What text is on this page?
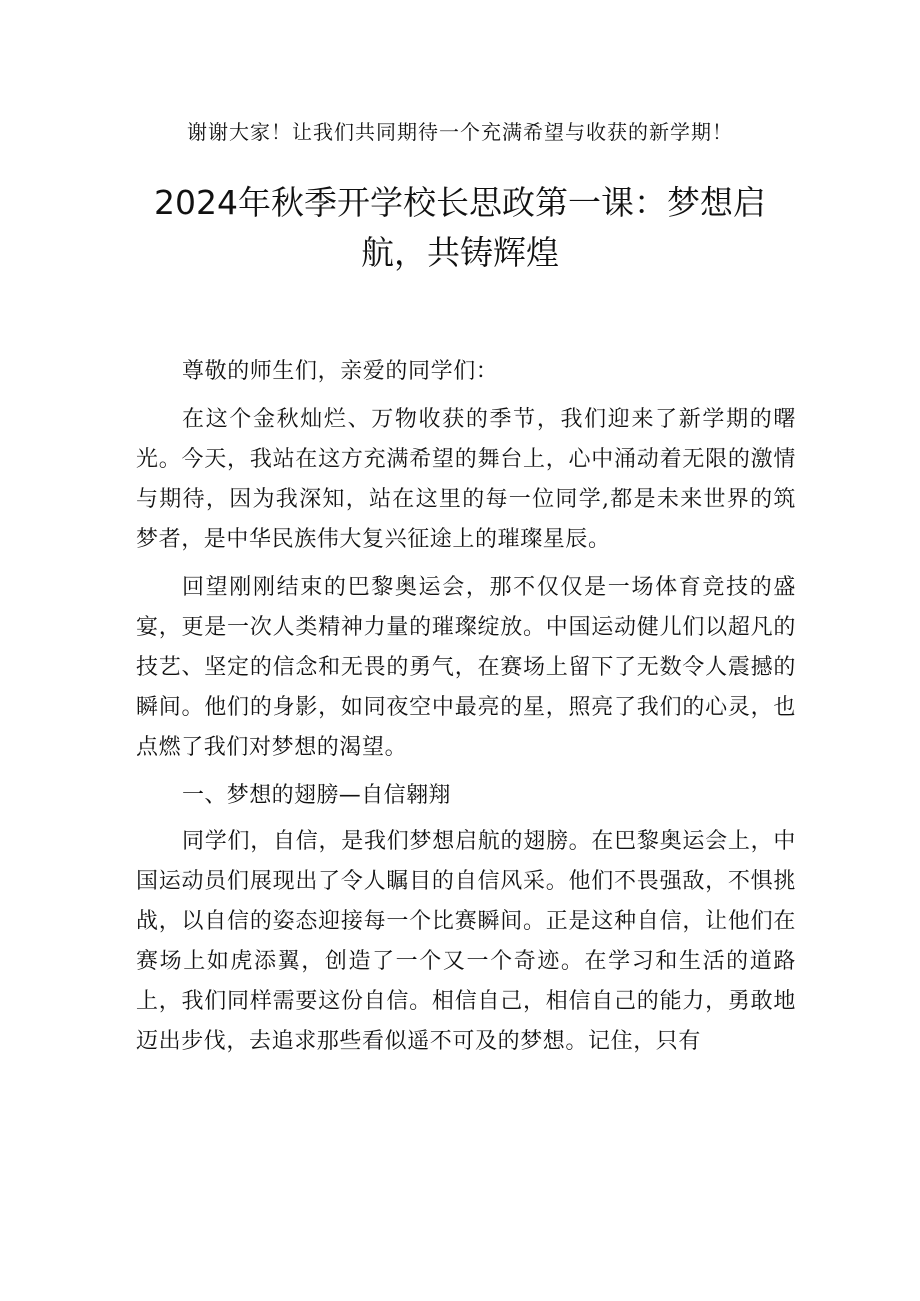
谢谢大家！让我们共同期待一个充满希望与收获的新学期！

2024年秋季开学校长思政第一课：梦想启航，共铸辉煌

尊敬的师生们，亲爱的同学们：

在这个金秋灿烂、万物收获的季节，我们迎来了新学期的曙光。今天，我站在这方充满希望的舞台上，心中涌动着无限的激情与期待，因为我深知，站在这里的每一位同学,都是未来世界的筑梦者，是中华民族伟大复兴征途上的璀璨星辰。

回望刚刚结束的巴黎奥运会，那不仅仅是一场体育竞技的盛宴，更是一次人类精神力量的璀璨绽放。中国运动健儿们以超凡的技艺、坚定的信念和无畏的勇气，在赛场上留下了无数令人震撼的瞬间。他们的身影，如同夜空中最亮的星，照亮了我们的心灵，也点燃了我们对梦想的渴望。

一、梦想的翅膀—自信翱翔

同学们，自信，是我们梦想启航的翅膀。在巴黎奥运会上，中国运动员们展现出了令人瞩目的自信风采。他们不畏强敌，不惧挑战，以自信的姿态迎接每一个比赛瞬间。正是这种自信，让他们在赛场上如虎添翼，创造了一个又一个奇迹。在学习和生活的道路上，我们同样需要这份自信。相信自己，相信自己的能力，勇敢地迈出步伐，去追求那些看似遥不可及的梦想。记住，只有
